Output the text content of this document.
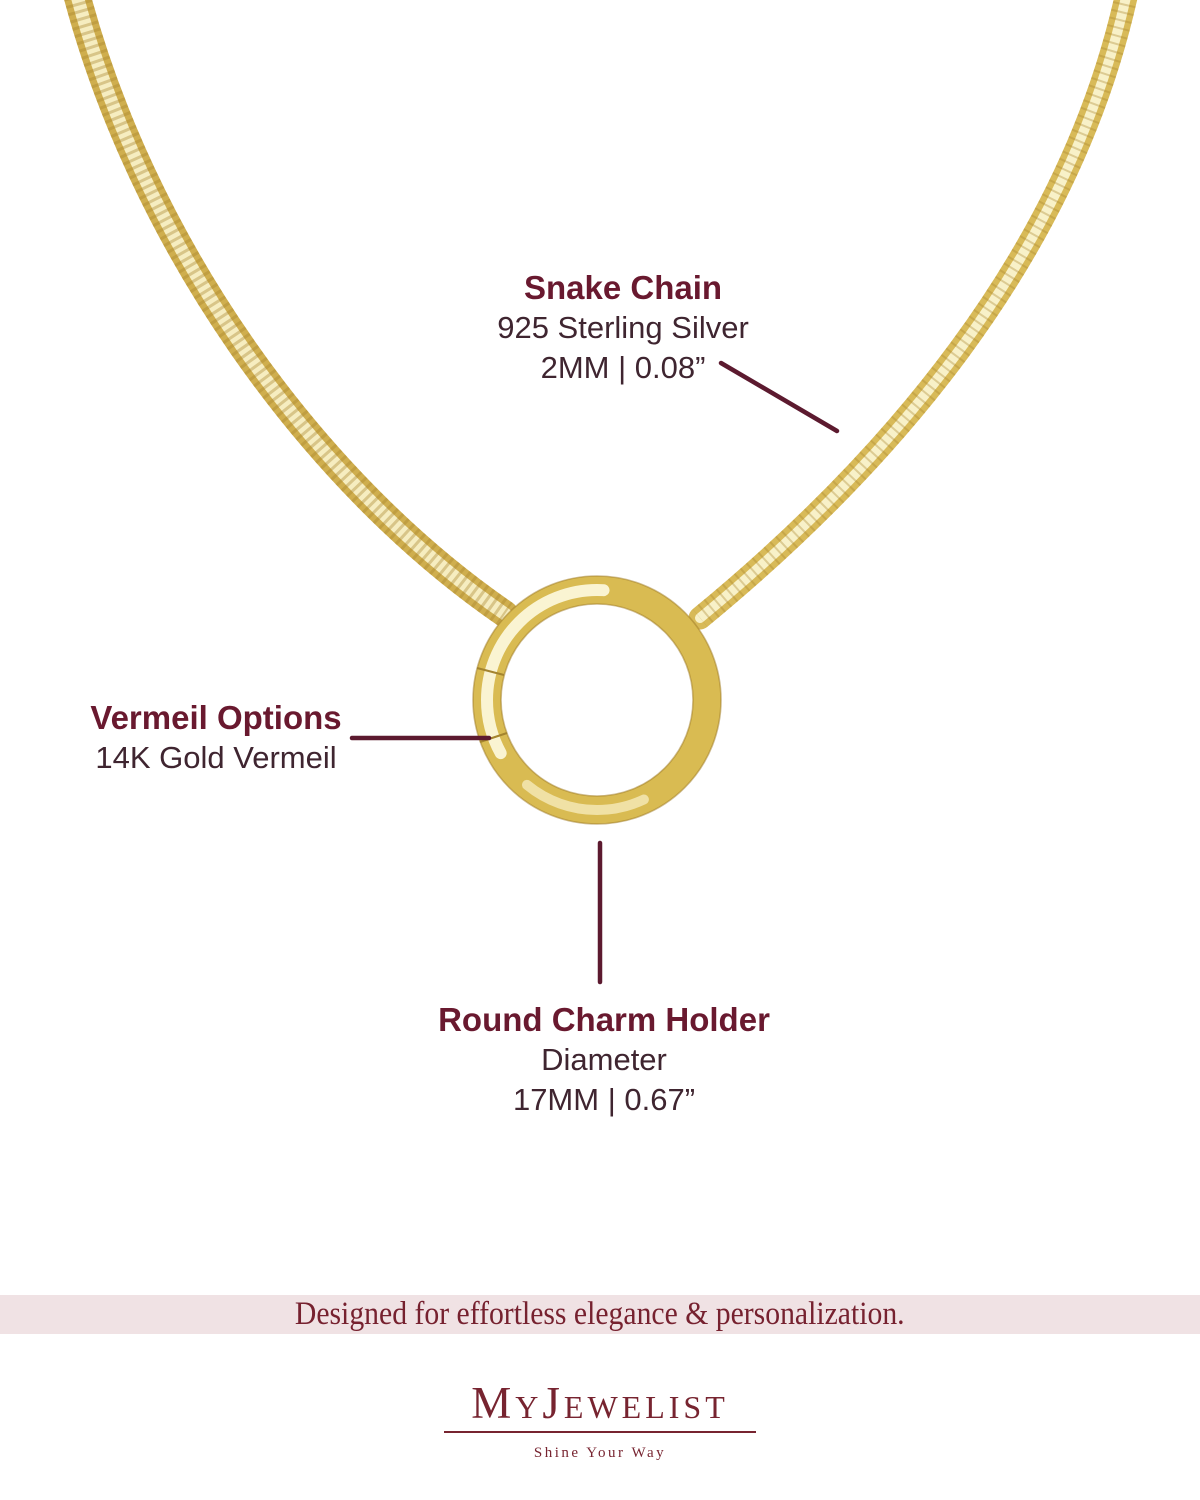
Snake Chain
925 Sterling Silver
2MM | 0.08”
Vermeil Options
14K Gold Vermeil
Round Charm Holder
Diameter
17MM | 0.67”
Designed for effortless elegance & personalization.
MYJEWELIST
Shine Your Way
